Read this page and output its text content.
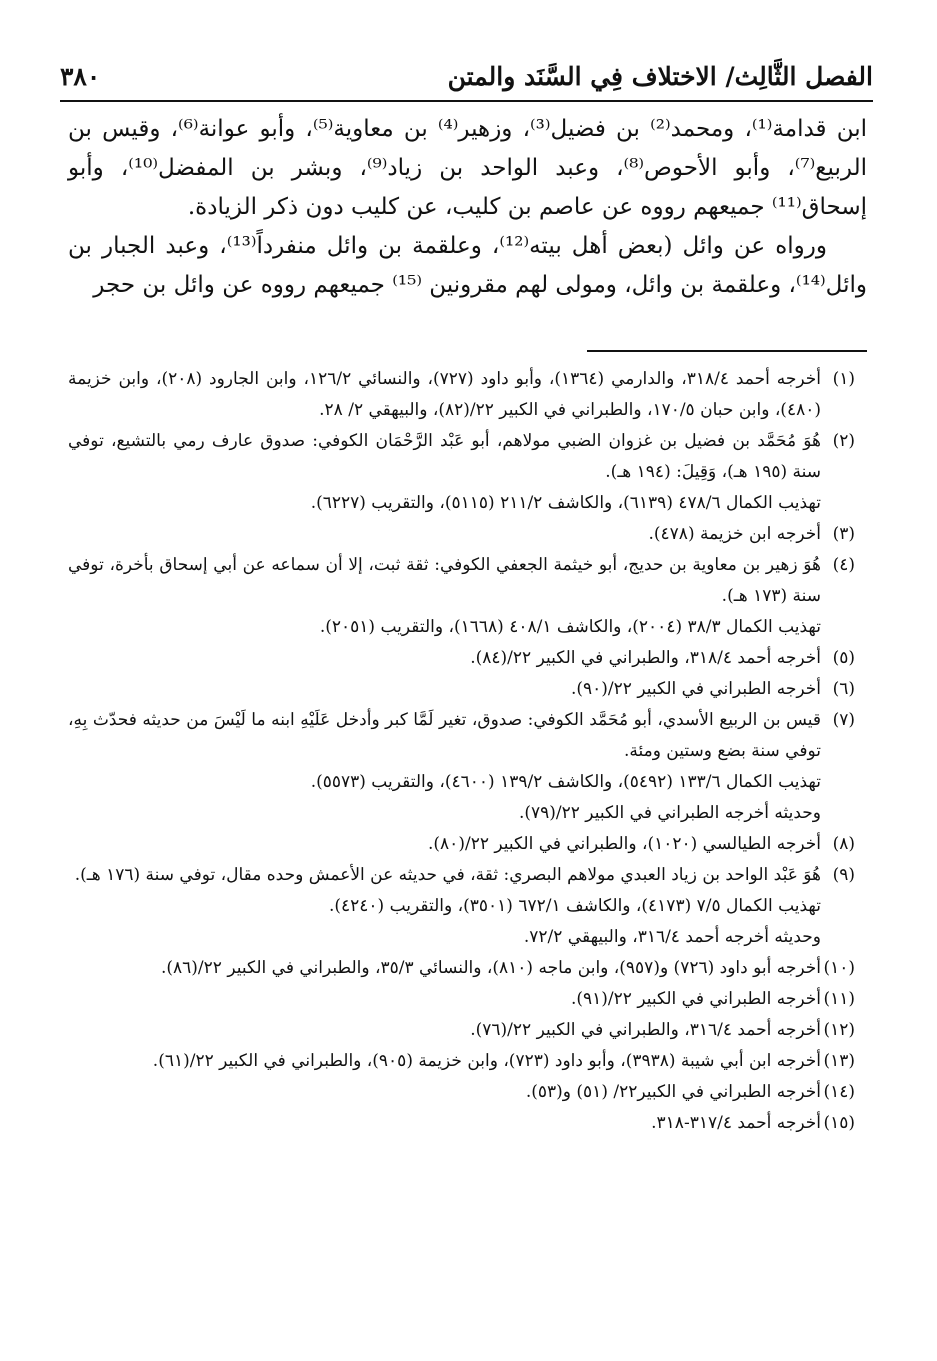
الفصل الثَّالِث/ الاختلاف فِي السَّنَد والمتن
٣٨٠

ابن قدامة⁽¹⁾، ومحمد⁽²⁾ بن فضيل⁽³⁾، وزهير⁽⁴⁾ بن معاوية⁽⁵⁾، وأبو عوانة⁽⁶⁾، وقيس بن الربيع⁽⁷⁾، وأبو الأحوص⁽⁸⁾، وعبد الواحد بن زياد⁽⁹⁾، وبشر بن المفضل⁽¹⁰⁾، وأبو إسحاق⁽¹¹⁾ جميعهم رووه عن عاصم بن كليب، عن كليب دون ذكر الزيادة.

ورواه عن وائل (بعض أهل بيته⁽¹²⁾، وعلقمة بن وائل منفرداً⁽¹³⁾، وعبد الجبار بن وائل⁽¹⁴⁾، وعلقمة بن وائل، ومولى لهم مقرونين ⁽¹⁵⁾ جميعهم رووه عن وائل بن حجر

(١)
أخرجه أحمد ٣١٨/٤، والدارمي (١٣٦٤)، وأبو داود (٧٢٧)، والنسائي ١٢٦/٢، وابن الجارود (٢٠٨)، وابن خزيمة (٤٨٠)، وابن حبان ١٧٠/٥، والطبراني في الكبير ٢٢/(٨٢)، والبيهقي ٢/ ٢٨.
(٢)
هُوَ مُحَمَّد بن فضيل بن غزوان الضبي مولاهم، أبو عَبْد الرَّحْمَان الكوفي: صدوق عارف رمي بالتشيع، توفي سنة (١٩٥ هـ)، وَقِيلَ: (١٩٤ هـ).
تهذيب الكمال ٤٧٨/٦ (٦١٣٩)، والكاشف ٢١١/٢ (٥١١٥)، والتقريب (٦٢٢٧).
(٣)
أخرجه ابن خزيمة (٤٧٨).
(٤)
هُوَ زهير بن معاوية بن حديج، أبو خيثمة الجعفي الكوفي: ثقة ثبت، إلا أن سماعه عن أبي إسحاق بأخرة، توفي سنة (١٧٣ هـ).
تهذيب الكمال ٣٨/٣ (٢٠٠٤)، والكاشف ٤٠٨/١ (١٦٦٨)، والتقريب (٢٠٥١).
(٥)
أخرجه أحمد ٣١٨/٤، والطبراني في الكبير ٢٢/(٨٤).
(٦)
أخرجه الطبراني في الكبير ٢٢/(٩٠).
(٧)
قيس بن الربيع الأسدي، أبو مُحَمَّد الكوفي: صدوق، تغير لَمَّا كبر وأدخل عَلَيْهِ ابنه ما لَيْسَ من حديثه فحدّث بِهِ، توفي سنة بضع وستين ومئة.
تهذيب الكمال ١٣٣/٦ (٥٤٩٢)، والكاشف ١٣٩/٢ (٤٦٠٠)، والتقريب (٥٥٧٣).
وحديثه أخرجه الطبراني في الكبير ٢٢/(٧٩).
(٨)
أخرجه الطيالسي (١٠٢٠)، والطبراني في الكبير ٢٢/(٨٠).
(٩)
هُوَ عَبْد الواحد بن زياد العبدي مولاهم البصري: ثقة، في حديثه عن الأعمش وحده مقال، توفي سنة (١٧٦ هـ).
تهذيب الكمال ٧/٥ (٤١٧٣)، والكاشف ٦٧٢/١ (٣٥٠١)، والتقريب (٤٢٤٠).
وحديثه أخرجه أحمد ٣١٦/٤، والبيهقي ٧٢/٢.
(١٠)
أخرجه أبو داود (٧٢٦) و(٩٥٧)، وابن ماجه (٨١٠)، والنسائي ٣٥/٣، والطبراني في الكبير ٢٢/(٨٦).
(١١)
أخرجه الطبراني في الكبير ٢٢/(٩١).
(١٢)
أخرجه أحمد ٣١٦/٤، والطبراني في الكبير ٢٢/(٧٦).
(١٣)
أخرجه ابن أبي شيبة (٣٩٣٨)، وأبو داود (٧٢٣)، وابن خزيمة (٩٠٥)، والطبراني في الكبير ٢٢/(٦١).
(١٤)
أخرجه الطبراني في الكبير٢٢/ (٥١) و(٥٣).
(١٥)
أخرجه أحمد ٣١٧/٤-٣١٨.
